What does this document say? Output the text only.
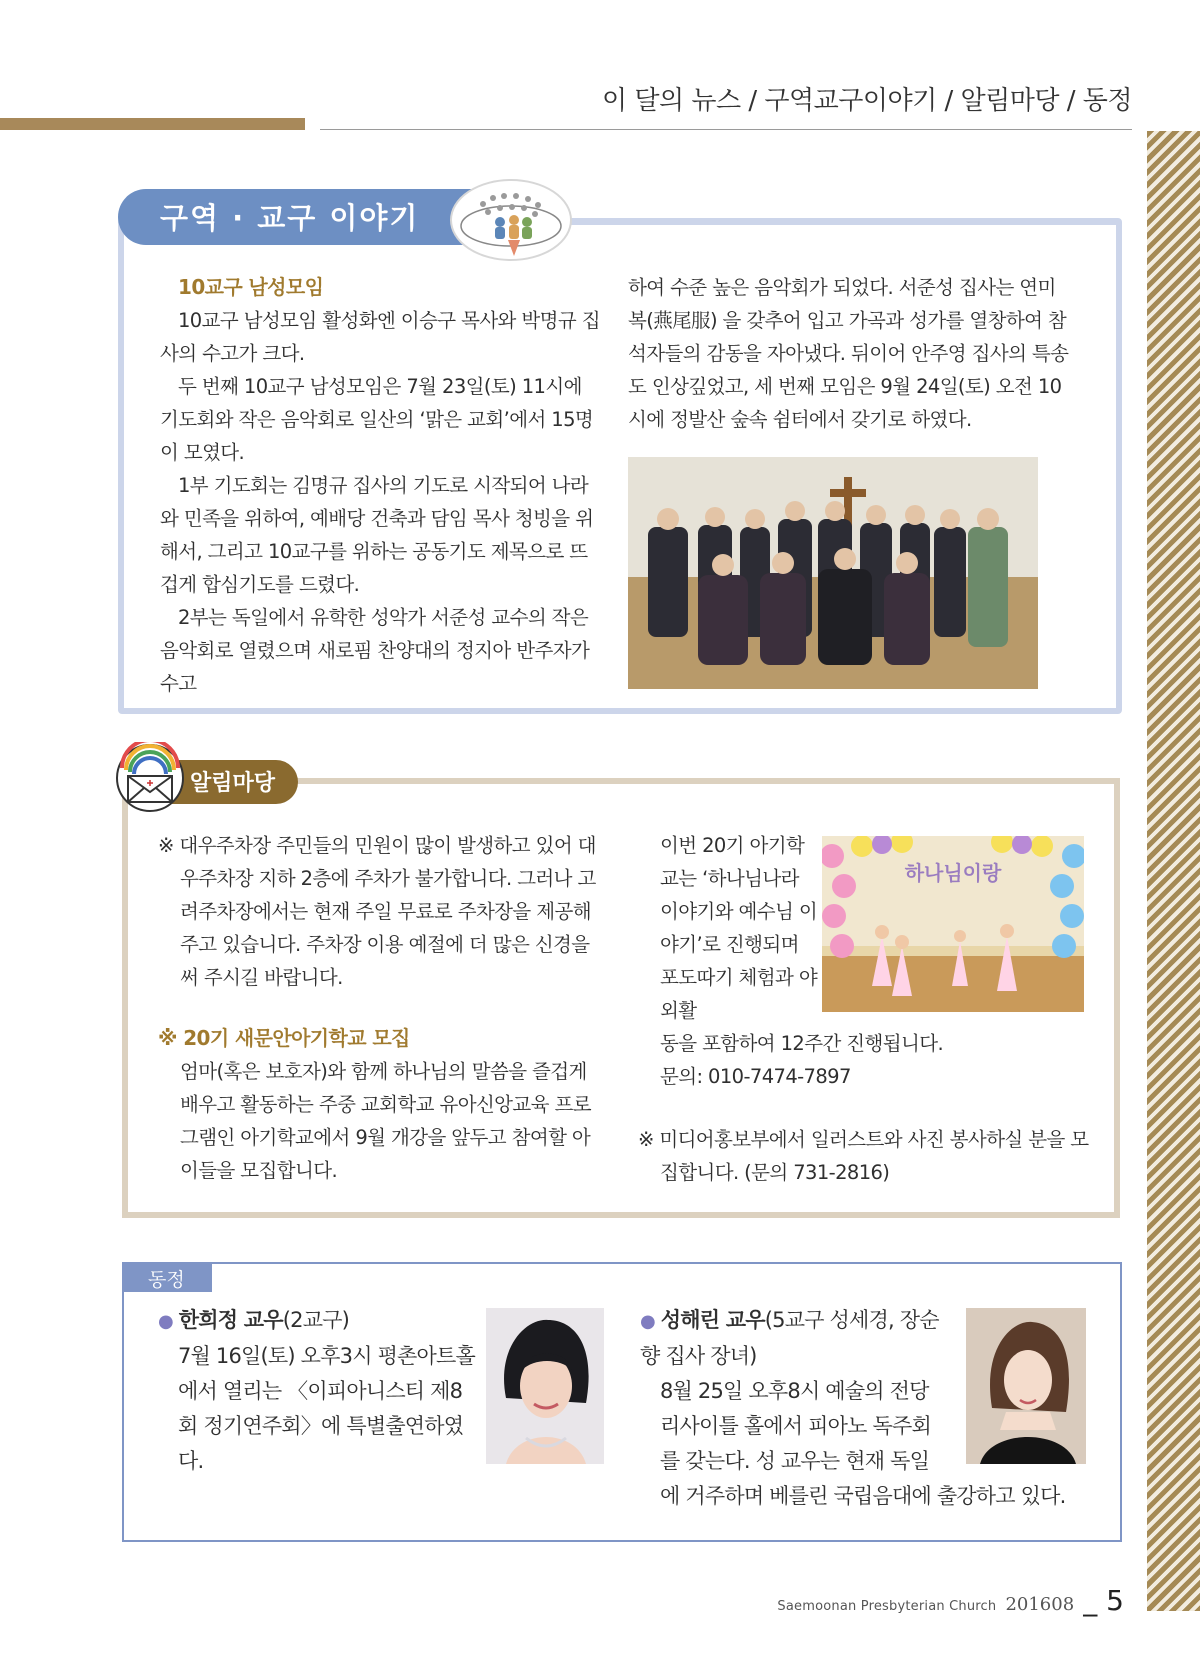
이 달의 뉴스 / 구역교구이야기 / 알림마당 / 동정
구역 · 교구 이야기

10교구 남성모임

10교구 남성모임 활성화엔 이승구 목사와 박명규 집사의 수고가 크다.

두 번째 10교구 남성모임은 7월 23일(토) 11시에 기도회와 작은 음악회로 일산의 ‘맑은 교회’에서 15명이 모였다.

1부 기도회는 김명규 집사의 기도로 시작되어 나라와 민족을 위하여, 예배당 건축과 담임 목사 청빙을 위해서, 그리고 10교구를 위하는 공동기도 제목으로 뜨겁게 합심기도를 드렸다.

2부는 독일에서 유학한 성악가 서준성 교수의 작은 음악회로 열렸으며 새로핌 찬양대의 정지아 반주자가 수고

하여 수준 높은 음악회가 되었다. 서준성 집사는 연미복(燕尾服) 을 갖추어 입고 가곡과 성가를 열창하여 참석자들의 감동을 자아냈다. 뒤이어 안주영 집사의 특송도 인상깊었고, 세 번째 모임은 9월 24일(토) 오전 10시에 정발산 숲속 쉼터에서 갖기로 하였다.
알림마당

※ 대우주차장 주민들의 민원이 많이 발생하고 있어 대우주차장 지하 2층에 주차가 불가합니다. 그러나 고려주차장에서는 현재 주일 무료로 주차장을 제공해 주고 있습니다. 주차장 이용 예절에 더 많은 신경을 써 주시길 바랍니다.

※ 20기 새문안아기학교 모집

엄마(혹은 보호자)와 함께 하나님의 말씀을 즐겁게 배우고 활동하는 주중 교회학교 유아신앙교육 프로그램인 아기학교에서 9월 개강을 앞두고 참여할 아이들을 모집합니다.

이번 20기 아기학교는 ‘하나님나라 이야기와 예수님 이야기’로 진행되며 포도따기 체험과 야외활

동을 포함하여 12주간 진행됩니다.

문의: 010-7474-7897

※ 미디어홍보부에서 일러스트와 사진 봉사하실 분을 모집합니다. (문의 731-2816)

하나님이랑
동정

● 한희정 교우(2교구)

7월 16일(토) 오후3시 평촌아트홀에서 열리는 〈이피아니스티 제8회 정기연주회〉에 특별출연하였다.

● 성해린 교우(5교구 성세경, 장순향 집사 장녀)

8월 25일 오후8시 예술의 전당 리사이틀 홀에서 피아노 독주회를 갖는다. 성 교우는 현재 독일

에 거주하며 베를린 국립음대에 출강하고 있다.

Saemoonan Presbyterian Church 201608 _ 5
